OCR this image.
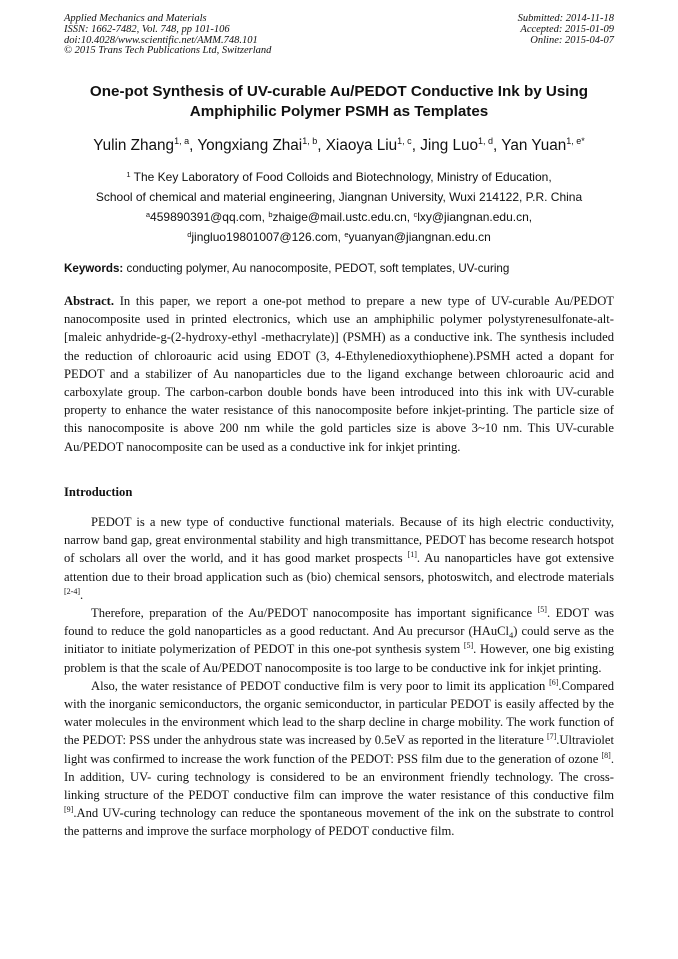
Applied Mechanics and Materials
ISSN: 1662-7482, Vol. 748, pp 101-106
doi:10.4028/www.scientific.net/AMM.748.101
© 2015 Trans Tech Publications Ltd, Switzerland
Submitted: 2014-11-18
Accepted: 2015-01-09
Online: 2015-04-07
One-pot Synthesis of UV-curable Au/PEDOT Conductive Ink by Using
Amphiphilic Polymer PSMH as Templates
Yulin Zhang$^{1, a}$, Yongxiang Zhai$^{1, b}$, Xiaoya Liu$^{1, c}$, Jing Luo$^{1, d}$, Yan Yuan$^{1, e*}$
$^1$ The Key Laboratory of Food Colloids and Biotechnology, Ministry of Education,
School of chemical and material engineering, Jiangnan University, Wuxi 214122, P.R. China
$^a$459890391@qq.com, $^b$zhaige@mail.ustc.edu.cn, $^c$lxy@jiangnan.edu.cn,
$^d$jingluo19801007@126.com, $^e$yuanyan@jiangnan.edu.cn
Keywords: conducting polymer, Au nanocomposite, PEDOT, soft templates, UV-curing
Abstract. In this paper, we report a one-pot method to prepare a new type of UV-curable Au/PEDOT nanocomposite used in printed electronics, which use an amphiphilic polymer polystyrenesulfonate-alt-[maleic anhydride-g-(2-hydroxy-ethyl -methacrylate)] (PSMH) as a conductive ink. The synthesis included the reduction of chloroauric acid using EDOT (3, 4-Ethylenedioxythiophene).PSMH acted a dopant for PEDOT and a stabilizer of Au nanoparticles due to the ligand exchange between chloroauric acid and carboxylate group. The carbon-carbon double bonds have been introduced into this ink with UV-curable property to enhance the water resistance of this nanocomposite before inkjet-printing. The particle size of this nanocomposite is above 200 nm while the gold particles size is above 3~10 nm. This UV-curable Au/PEDOT nanocomposite can be used as a conductive ink for inkjet printing.
Introduction

PEDOT is a new type of conductive functional materials. Because of its high electric conductivity, narrow band gap, great environmental stability and high transmittance, PEDOT has become research hotspot of scholars all over the world, and it has good market prospects [1]. Au nanoparticles have got extensive attention due to their broad application such as (bio) chemical sensors, photoswitch, and electrode materials [2-4].

Therefore, preparation of the Au/PEDOT nanocomposite has important significance [5]. EDOT was found to reduce the gold nanoparticles as a good reductant. And Au precursor (HAuCl$_4$) could serve as the initiator to initiate polymerization of PEDOT in this one-pot synthesis system [5]. However, one big existing problem is that the scale of Au/PEDOT nanocomposite is too large to be conductive ink for inkjet printing.

Also, the water resistance of PEDOT conductive film is very poor to limit its application [6].Compared with the inorganic semiconductors, the organic semiconductor, in particular PEDOT is easily affected by the water molecules in the environment which lead to the sharp decline in charge mobility. The work function of the PEDOT: PSS under the anhydrous state was increased by 0.5eV as reported in the literature [7].Ultraviolet light was confirmed to increase the work function of the PEDOT: PSS film due to the generation of ozone [8]. In addition, UV- curing technology is considered to be an environment friendly technology. The cross-linking structure of the PEDOT conductive film can improve the water resistance of this conductive film [9].And UV-curing technology can reduce the spontaneous movement of the ink on the substrate to control the patterns and improve the surface morphology of PEDOT conductive film.
